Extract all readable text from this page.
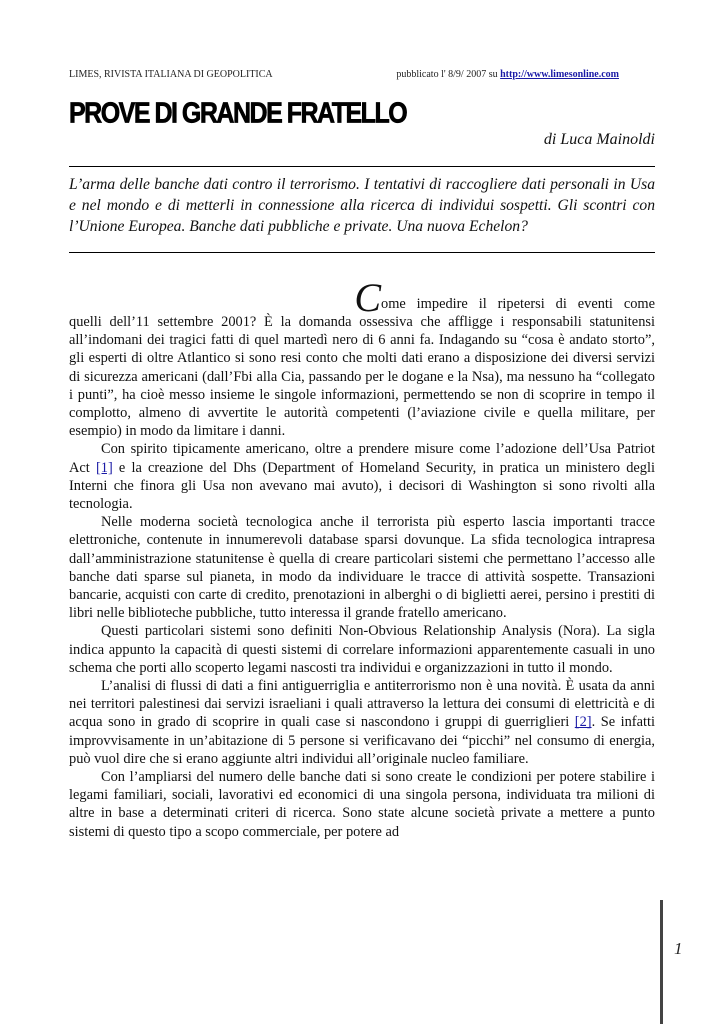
LIMES, RIVISTA ITALIANA DI GEOPOLITICA	pubblicato l' 8/9/ 2007 su http://www.limesonline.com
PROVE DI GRANDE FRATELLO
di Luca Mainoldi
L’arma delle banche dati contro il terrorismo. I tentativi di raccogliere dati personali in Usa e nel mondo e di metterli in connessione alla ricerca di individui sospetti. Gli scontri con l’Unione Europea. Banche dati pubbliche e private. Una nuova Echelon?
C ome impedire il ripetersi di eventi come

quelli dell’11 settembre 2001? È la domanda ossessiva che affligge i responsabili statunitensi all’indomani dei tragici fatti di quel martedì nero di 6 anni fa. Indagando su “cosa è andato storto”, gli esperti di oltre Atlantico si sono resi conto che molti dati erano a disposizione dei diversi servizi di sicurezza americani (dall’Fbi alla Cia, passando per le dogane e la Nsa), ma nessuno ha “collegato i punti”, ha cioè messo insieme le singole informazioni, permettendo se non di scoprire in tempo il complotto, almeno di avvertite le autorità competenti (l’aviazione civile e quella militare, per esempio) in modo da limitare i danni.

Con spirito tipicamente americano, oltre a prendere misure come l’adozione dell’Usa Patriot Act [1] e la creazione del Dhs (Department of Homeland Security, in pratica un ministero degli Interni che finora gli Usa non avevano mai avuto), i decisori di Washington si sono rivolti alla tecnologia.

Nelle moderna società tecnologica anche il terrorista più esperto lascia importanti tracce elettroniche, contenute in innumerevoli database sparsi dovunque. La sfida tecnologica intrapresa dall’amministrazione statunitense è quella di creare particolari sistemi che permettano l’accesso alle banche dati sparse sul pianeta, in modo da individuare le tracce di attività sospette. Transazioni bancarie, acquisti con carte di credito, prenotazioni in alberghi o di biglietti aerei, persino i prestiti di libri nelle biblioteche pubbliche, tutto interessa il grande fratello americano.

Questi particolari sistemi sono definiti Non-Obvious Relationship Analysis (Nora). La sigla indica appunto la capacità di questi sistemi di correlare informazioni apparentemente casuali in uno schema che porti allo scoperto legami nascosti tra individui e organizzazioni in tutto il mondo.

L’analisi di flussi di dati a fini antiguerriglia e antiterrorismo non è una novità. È usata da anni nei territori palestinesi dai servizi israeliani i quali attraverso la lettura dei consumi di elettricità e di acqua sono in grado di scoprire in quali case si nascondono i gruppi di guerriglieri [2]. Se infatti improvvisamente in un’abitazione di 5 persone si verificavano dei “picchi” nel consumo di energia, può vuol dire che si erano aggiunte altri individui all’originale nucleo familiare.

Con l’ampliarsi del numero delle banche dati si sono create le condizioni per potere stabilire i legami familiari, sociali, lavorativi ed economici di una singola persona, individuata tra milioni di altre in base a determinati criteri di ricerca. Sono state alcune società private a mettere a punto sistemi di questo tipo a scopo commerciale, per potere ad

1
